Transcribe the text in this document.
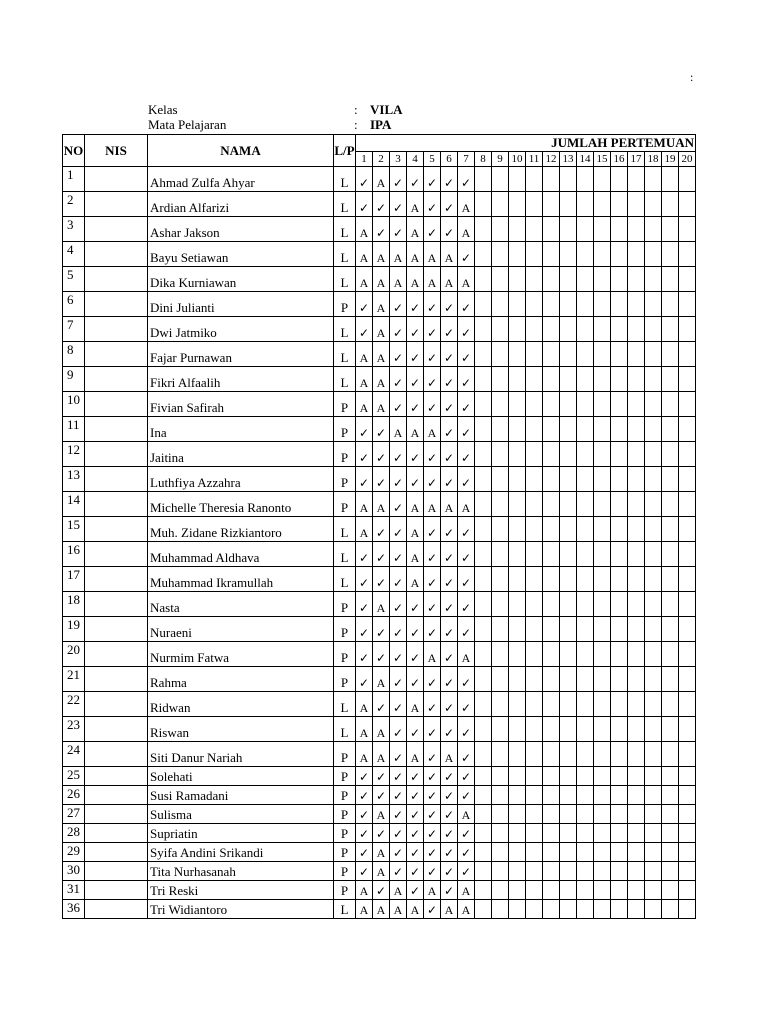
:
Kelas	: VILA
Mata Pelajaran	: IPA
NO	NIS	NAMA	L/P	JUMLAH PERTEMUAN																			
				1	2	3	4	5	6	7	8	9	10	11	12	13	14	15	16	17	18	19	20
1		Ahmad Zulfa Ahyar	L	✓	A	✓	✓	✓	✓	✓													
2		Ardian Alfarizi	L	✓	✓	✓	A	✓	✓	A													
3		Ashar Jakson	L	A	✓	✓	A	✓	✓	A													
4		Bayu Setiawan	L	A	A	A	A	A	A	✓													
5		Dika Kurniawan	L	A	A	A	A	A	A	A													
6		Dini Julianti	P	✓	A	✓	✓	✓	✓	✓													
7		Dwi Jatmiko	L	✓	A	✓	✓	✓	✓	✓													
8		Fajar Purnawan	L	A	A	✓	✓	✓	✓	✓													
9		Fikri Alfaalih	L	A	A	✓	✓	✓	✓	✓													
10		Fivian Safirah	P	A	A	✓	✓	✓	✓	✓													
11		Ina	P	✓	✓	A	A	A	✓	✓													
12		Jaitina	P	✓	✓	✓	✓	✓	✓	✓													
13		Luthfiya Azzahra	P	✓	✓	✓	✓	✓	✓	✓													
14		Michelle Theresia Ranonto	P	A	A	✓	A	A	A	A													
15		Muh. Zidane Rizkiantoro	L	A	✓	✓	A	✓	✓	✓													
16		Muhammad Aldhava	L	✓	✓	✓	A	✓	✓	✓													
17		Muhammad Ikramullah	L	✓	✓	✓	A	✓	✓	✓													
18		Nasta	P	✓	A	✓	✓	✓	✓	✓													
19		Nuraeni	P	✓	✓	✓	✓	✓	✓	✓													
20		Nurmim Fatwa	P	✓	✓	✓	✓	A	✓	A													
21		Rahma	P	✓	A	✓	✓	✓	✓	✓													
22		Ridwan	L	A	✓	✓	A	✓	✓	✓													
23		Riswan	L	A	A	✓	✓	✓	✓	✓													
24		Siti Danur Nariah	P	A	A	✓	A	✓	A	✓													
25		Solehati	P	✓	✓	✓	✓	✓	✓	✓													
26		Susi Ramadani	P	✓	✓	✓	✓	✓	✓	✓													
27		Sulisma	P	✓	A	✓	✓	✓	✓	A													
28		Supriatin	P	✓	✓	✓	✓	✓	✓	✓													
29		Syifa Andini Srikandi	P	✓	A	✓	✓	✓	✓	✓													
30		Tita Nurhasanah	P	✓	A	✓	✓	✓	✓	✓													
31		Tri Reski	P	A	✓	A	✓	A	✓	A													
36		Tri Widiantoro	L	A	A	A	A	✓	A	A													
